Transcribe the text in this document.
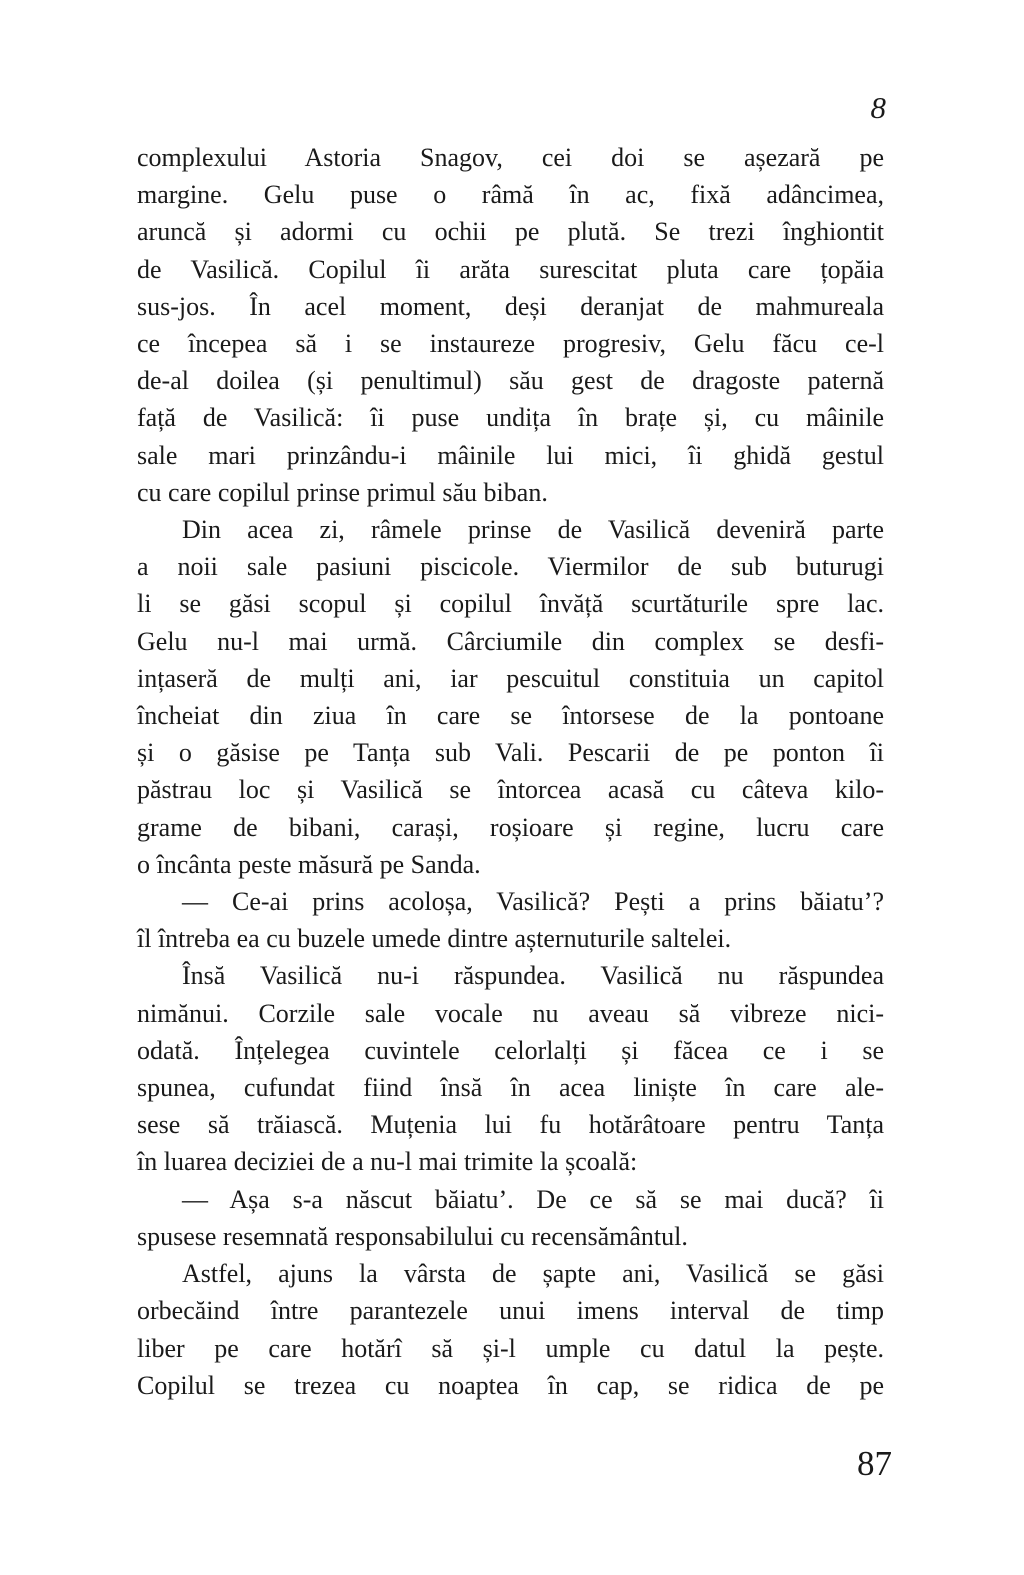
8
complexului Astoria Snagov, cei doi se așezară pe
margine. Gelu puse o râmă în ac, fixă adâncimea,
aruncă și adormi cu ochii pe plută. Se trezi înghiontit
de Vasilică. Copilul îi arăta surescitat pluta care țopăia
sus-jos. În acel moment, deși deranjat de mahmureala
ce începea să i se instaureze progresiv, Gelu făcu ce-l
de-al doilea (și penultimul) său gest de dragoste paternă
față de Vasilică: îi puse undița în brațe și, cu mâinile
sale mari prinzându-i mâinile lui mici, îi ghidă gestul
cu care copilul prinse primul său biban.
Din acea zi, râmele prinse de Vasilică deveniră parte
a noii sale pasiuni piscicole. Viermilor de sub buturugi
li se găsi scopul și copilul învăță scurtăturile spre lac.
Gelu nu-l mai urmă. Cârciumile din complex se desfi-
ințaseră de mulți ani, iar pescuitul constituia un capitol
încheiat din ziua în care se întorsese de la pontoane
și o găsise pe Tanța sub Vali. Pescarii de pe ponton îi
păstrau loc și Vasilică se întorcea acasă cu câteva kilo-
grame de bibani, carași, roșioare și regine, lucru care
o încânta peste măsură pe Sanda.
— Ce-ai prins acoloșa, Vasilică? Pești a prins băiatu’?
îl întreba ea cu buzele umede dintre așternuturile saltelei.
Însă Vasilică nu-i răspundea. Vasilică nu răspundea
nimănui. Corzile sale vocale nu aveau să vibreze nici-
odată. Înțelegea cuvintele celorlalți și făcea ce i se
spunea, cufundat fiind însă în acea liniște în care ale-
sese să trăiască. Muțenia lui fu hotărâtoare pentru Tanța
în luarea deciziei de a nu-l mai trimite la școală:
— Așa s-a născut băiatu’. De ce să se mai ducă? îi
spusese resemnată responsabilului cu recensământul.
Astfel, ajuns la vârsta de șapte ani, Vasilică se găsi
orbecăind între parantezele unui imens interval de timp
liber pe care hotărî să și-l umple cu datul la pește.
Copilul se trezea cu noaptea în cap, se ridica de pe
87
